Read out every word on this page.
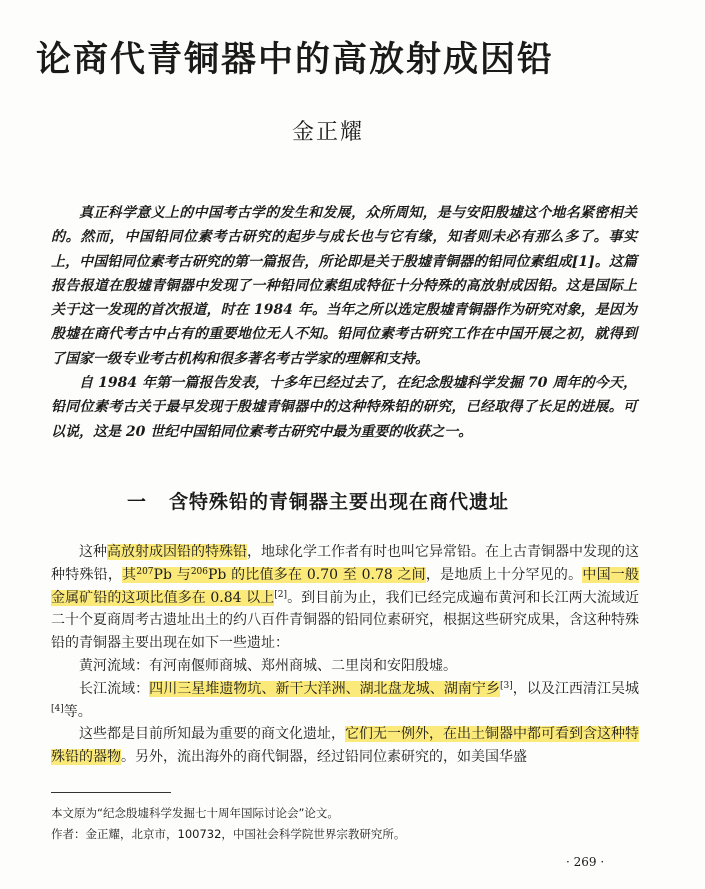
论商代青铜器中的高放射成因铅
金正耀

真正科学意义上的中国考古学的发生和发展，众所周知，是与安阳殷墟这个地名紧密相关的。然而，中国铅同位素考古研究的起步与成长也与它有缘，知者则未必有那么多了。事实上，中国铅同位素考古研究的第一篇报告，所论即是关于殷墟青铜器的铅同位素组成[1]。这篇报告报道在殷墟青铜器中发现了一种铅同位素组成特征十分特殊的高放射成因铅。这是国际上关于这一发现的首次报道，时在 1984 年。当年之所以选定殷墟青铜器作为研究对象，是因为殷墟在商代考古中占有的重要地位无人不知。铅同位素考古研究工作在中国开展之初，就得到了国家一级专业考古机构和很多著名考古学家的理解和支持。

自 1984 年第一篇报告发表，十多年已经过去了，在纪念殷墟科学发掘 70 周年的今天，铅同位素考古关于最早发现于殷墟青铜器中的这种特殊铅的研究，已经取得了长足的进展。可以说，这是 20 世纪中国铅同位素考古研究中最为重要的收获之一。

一 含特殊铅的青铜器主要出现在商代遗址

这种高放射成因铅的特殊铅，地球化学工作者有时也叫它异常铅。在上古青铜器中发现的这种特殊铅，其$^{207}$Pb 与$^{206}$Pb 的比值多在 0.70 至 0.78 之间，是地质上十分罕见的。中国一般金属矿铅的这项比值多在 0.84 以上[2]。到目前为止，我们已经完成遍布黄河和长江两大流域近二十个夏商周考古遗址出土的约八百件青铜器的铅同位素研究，根据这些研究成果，含这种特殊铅的青铜器主要出现在如下一些遗址：

黄河流域：有河南偃师商城、郑州商城、二里岗和安阳殷墟。

长江流域：四川三星堆遗物坑、新干大洋洲、湖北盘龙城、湖南宁乡[3]，以及江西清江吴城[4]等。

这些都是目前所知最为重要的商文化遗址，它们无一例外，在出土铜器中都可看到含这种特殊铅的器物。另外，流出海外的商代铜器，经过铅同位素研究的，如美国华盛

本文原为“纪念殷墟科学发掘七十周年国际讨论会”论文。

作者：金正耀，北京市，100732，中国社会科学院世界宗教研究所。

· 269 ·
